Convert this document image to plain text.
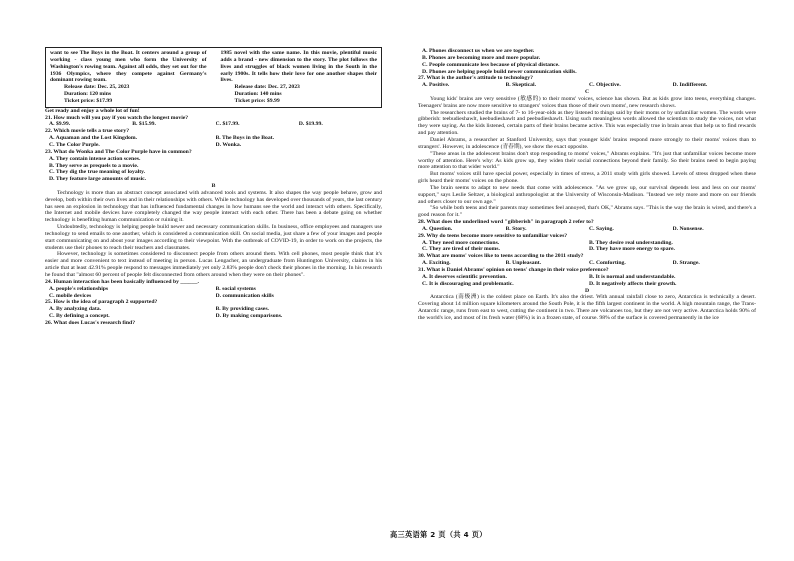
want to see The Boys in the Boat. It centers around a group of working - class young men who form the University of Washington's rowing team. Against all odds, they set out for the 1936 Olympics, where they compete against Germany's dominant rowing team.

Release date: Dec. 25, 2023

Duration: 120 mins

Ticket price: $17.99

1985 novel with the same name. In this movie, plentiful music adds a brand - new dimension to the story. The plot follows the lives and struggles of black women living in the South in the early 1900s. It tells how their love for one another shapes their lives.

Release date: Dec. 27, 2023

Duration: 140 mins

Ticket price: $9.99

Get ready and enjoy a whole lot of fun!

21. How much will you pay if you watch the longest movie?

A. $9.99.	B. $15.99.	C. $17.99.	D. $19.99.

22. Which movie tells a true story?

A. Aquaman and the Lost Kingdom.	B. The Boys in the Boat.
C. The Color Purple.	D. Wonka.

23. What do Wonka and The Color Purple have in common?

A. They contain intense action scenes.
B. They serve as prequels to a movie.
C. They dig the true meaning of loyalty.
D. They feature large amounts of music.

B

Technology is more than an abstract concept associated with advanced tools and systems. It also shapes the way people behave, grow and develop, both within their own lives and in their relationships with others. While technology has developed over thousands of years, the last century has seen an explosion in technology that has influenced fundamental changes in how humans see the world and interact with others. Specifically, the Internet and mobile devices have completely changed the way people interact with each other. There has been a debate going on whether technology is benefiting human communication or ruining it.

Undoubtedly, technology is helping people build newer and necessary communication skills. In business, office employees and managers use technology to send emails to one another, which is considered a communication skill. On social media, just share a few of your images and people start communicating on and about your images according to their viewpoint. With the outbreak of COVID-19, in order to work on the projects, the students use their phones to reach their teachers and classmates.

However, technology is sometimes considered to disconnect people from others around them. With cell phones, most people think that it's easier and more convenient to text instead of meeting in person. Lucas Lengacher, an undergraduate from Huntington University, claims in his article that at least 42.91% people respond to messages immediately yet only 2.83% people don't check their phones in the morning. In his research he found that "almost 60 percent of people felt disconnected from others around when they were on their phones".

24. Human interaction has been basically influenced by ______.

A. people's relationships	B. social systems
C. mobile devices	D. communication skills

25. How is the idea of paragraph 2 supported?

A. By analyzing data.	B. By providing cases.
C. By defining a concept.	D. By making comparisons.

26. What does Lucas's research find?

A. Phones disconnect us when we are together.
B. Phones are becoming more and more popular.
C. People communicate less because of physical distance.
D. Phones are helping people build newer communication skills.

27. What is the author's attitude to technology?

A. Positive.	B. Skeptical.	C. Objective.	D. Indifferent.

C

Young kids' brains are very sensitive (敏感的) to their moms' voices, science has shown. But as kids grow into teens, everything changes. Teenagers' brains are now more sensitive to strangers' voices than those of their own moms', new research shows.

The researchers studied the brains of 7- to 16-year-olds as they listened to things said by their moms or by unfamiliar women. The words were gibberish: teebudieshawlt, keebudieshawlt and peebudieshawlt. Using such meaningless words allowed the scientists to study the voices, not what they were saying. As the kids listened, certain parts of their brains became active. This was especially true in brain areas that help us to find rewards and pay attention.

Daniel Abrams, a researcher at Stanford University, says that younger kids' brains respond more strongly to their moms' voices than to strangers'. However, in adolescence (青春期), we show the exact opposite.

"These areas in the adolescent brains don't stop responding to moms' voices," Abrams explains. "It's just that unfamiliar voices become more worthy of attention. Here's why: As kids grow up, they widen their social connections beyond their family. So their brains need to begin paying more attention to that wider world."

But moms' voices still have special power, especially in times of stress, a 2011 study with girls showed. Levels of stress dropped when these girls heard their moms' voices on the phone.

The brain seems to adapt to new needs that come with adolescence. "As we grow up, our survival depends less and less on our moms' support," says Leslie Seltzer, a biological anthropologist at the University of Wisconsin-Madison. "Instead we rely more and more on our friends and others closer to our own age."

"So while both teens and their parents may sometimes feel annoyed, that's OK," Abrams says. "This is the way the brain is wired, and there's a good reason for it."

28. What does the underlined word "gibberish" in paragraph 2 refer to?

A. Question.	B. Story.	C. Saying.	D. Nonsense.

29. Why do teens become more sensitive to unfamiliar voices?

A. They need more connections.	B. They desire real understanding.
C. They are tired of their moms.	D. They have more energy to spare.

30. What are moms' voices like to teens according to the 2011 study?

A. Exciting.	B. Unpleasant.	C. Comforting.	D. Strange.

31. What is Daniel Abrams' opinion on teens' change in their voice preference?

A. It deserves scientific prevention.	B. It is normal and understandable.
C. It is discouraging and problematic.	D. It negatively affects their growth.

D

Antarctica (南极洲) is the coldest place on Earth. It's also the driest. With annual rainfall close to zero, Antarctica is technically a desert. Covering about 14 million square kilometers around the South Pole, it is the fifth largest continent in the world. A high mountain range, the Trans-Antarctic range, runs from east to west, cutting the continent in two. There are volcanoes too, but they are not very active. Antarctica holds 90% of the world's ice, and most of its fresh water (68%) is in a frozen state, of course. 98% of the surface is covered permanently in the ice

高三英语第 2 页（共 4 页）
